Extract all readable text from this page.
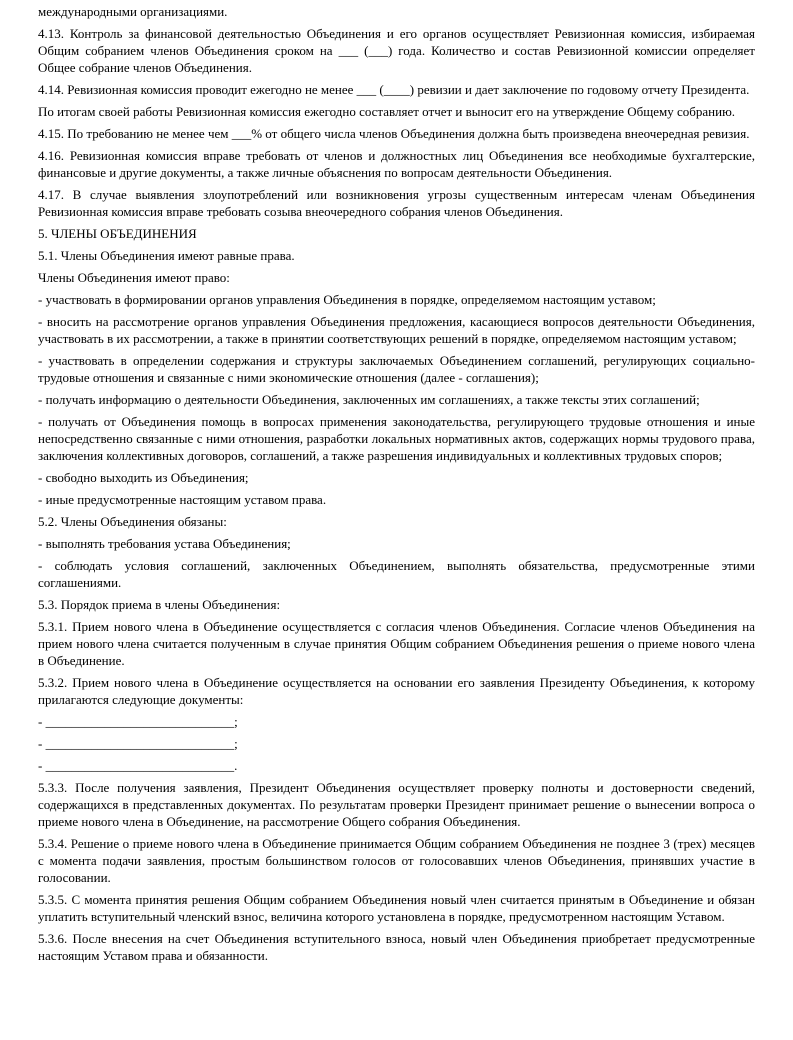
международными организациями.

4.13. Контроль за финансовой деятельностью Объединения и его органов осуществляет Ревизионная комиссия, избираемая Общим собранием членов Объединения сроком на ___ (___) года. Количество и состав Ревизионной комиссии определяет Общее собрание членов Объединения.

4.14. Ревизионная комиссия проводит ежегодно не менее ___ (____) ревизии и дает заключение по годовому отчету Президента.

По итогам своей работы Ревизионная комиссия ежегодно составляет отчет и выносит его на утверждение Общему собранию.

4.15. По требованию не менее чем ___% от общего числа членов Объединения должна быть произведена внеочередная ревизия.

4.16. Ревизионная комиссия вправе требовать от членов и должностных лиц Объединения все необходимые бухгалтерские, финансовые и другие документы, а также личные объяснения по вопросам деятельности Объединения.

4.17. В случае выявления злоупотреблений или возникновения угрозы существенным интересам членам Объединения Ревизионная комиссия вправе требовать созыва внеочередного собрания членов Объединения.

5. ЧЛЕНЫ ОБЪЕДИНЕНИЯ

5.1. Члены Объединения имеют равные права.

Члены Объединения имеют право:

- участвовать в формировании органов управления Объединения в порядке, определяемом настоящим уставом;

- вносить на рассмотрение органов управления Объединения предложения, касающиеся вопросов деятельности Объединения, участвовать в их рассмотрении, а также в принятии соответствующих решений в порядке, определяемом настоящим уставом;

- участвовать в определении содержания и структуры заключаемых Объединением соглашений, регулирующих социально-трудовые отношения и связанные с ними экономические отношения (далее - соглашения);

- получать информацию о деятельности Объединения, заключенных им соглашениях, а также тексты этих соглашений;

- получать от Объединения помощь в вопросах применения законодательства, регулирующего трудовые отношения и иные непосредственно связанные с ними отношения, разработки локальных нормативных актов, содержащих нормы трудового права, заключения коллективных договоров, соглашений, а также разрешения индивидуальных и коллективных трудовых споров;

- свободно выходить из Объединения;

- иные предусмотренные настоящим уставом права.

5.2. Члены Объединения обязаны:

- выполнять требования устава Объединения;

- соблюдать условия соглашений, заключенных Объединением, выполнять обязательства, предусмотренные этими соглашениями.

5.3. Порядок приема в члены Объединения:

5.3.1. Прием нового члена в Объединение осуществляется с согласия членов Объединения. Согласие членов Объединения на прием нового члена считается полученным в случае принятия Общим собранием Объединения решения о приеме нового члена в Объединение.

5.3.2. Прием нового члена в Объединение осуществляется на основании его заявления Президенту Объединения, к которому прилагаются следующие документы:

- _____________________________;

- _____________________________;

- _____________________________.

5.3.3. После получения заявления, Президент Объединения осуществляет проверку полноты и достоверности сведений, содержащихся в представленных документах. По результатам проверки Президент принимает решение о вынесении вопроса о приеме нового члена в Объединение, на рассмотрение Общего собрания Объединения.

5.3.4. Решение о приеме нового члена в Объединение принимается Общим собранием Объединения не позднее 3 (трех) месяцев с момента подачи заявления, простым большинством голосов от голосовавших членов Объединения, принявших участие в голосовании.

5.3.5. С момента принятия решения Общим собранием Объединения новый член считается принятым в Объединение и обязан уплатить вступительный членский взнос, величина которого установлена в порядке, предусмотренном настоящим Уставом.

5.3.6. После внесения на счет Объединения вступительного взноса, новый член Объединения приобретает предусмотренные настоящим Уставом права и обязанности.
